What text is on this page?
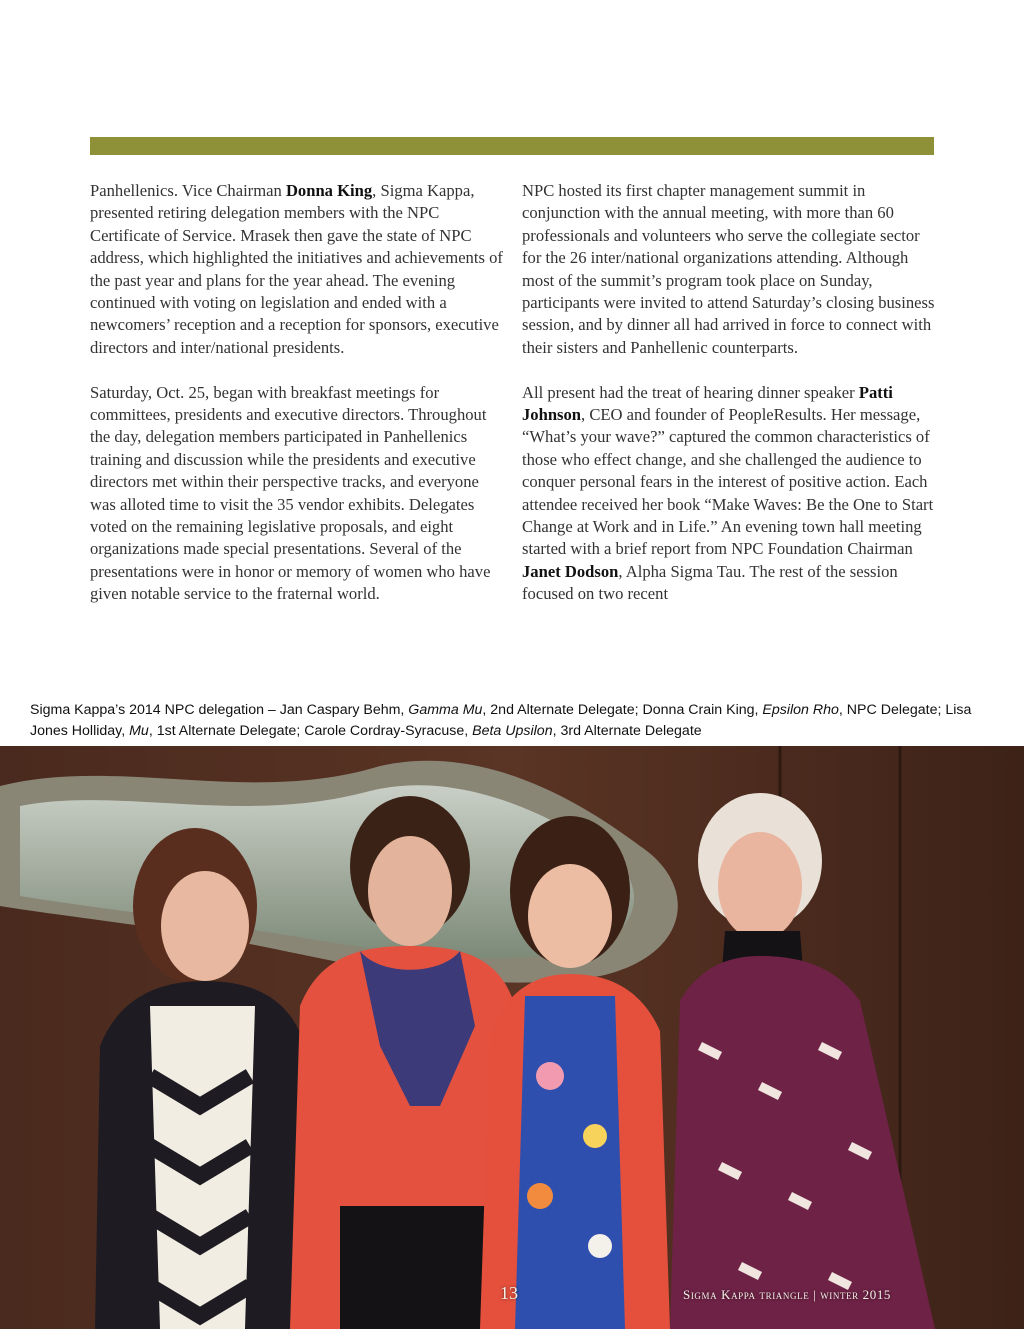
Panhellenics. Vice Chairman Donna King, Sigma Kappa, presented retiring delegation members with the NPC Certificate of Service. Mrasek then gave the state of NPC address, which highlighted the initiatives and achievements of the past year and plans for the year ahead. The evening continued with voting on legislation and ended with a newcomers’ reception and a reception for sponsors, executive directors and inter/national presidents.

Saturday, Oct. 25, began with breakfast meetings for committees, presidents and executive directors. Throughout the day, delegation members participated in Panhellenics training and discussion while the presidents and executive directors met within their perspective tracks, and everyone was alloted time to visit the 35 vendor exhibits. Delegates voted on the remaining legislative proposals, and eight organizations made special presentations. Several of the presentations were in honor or memory of women who have given notable service to the fraternal world.

NPC hosted its first chapter management summit in conjunction with the annual meeting, with more than 60 professionals and volunteers who serve the collegiate sector for the 26 inter/national organizations attending. Although most of the summit’s program took place on Sunday, participants were invited to attend Saturday’s closing business session, and by dinner all had arrived in force to connect with their sisters and Panhellenic counterparts.

All present had the treat of hearing dinner speaker Patti Johnson, CEO and founder of PeopleResults. Her message, “What’s your wave?” captured the common characteristics of those who effect change, and she challenged the audience to conquer personal fears in the interest of positive action. Each attendee received her book “Make Waves: Be the One to Start Change at Work and in Life.” An evening town hall meeting started with a brief report from NPC Foundation Chairman Janet Dodson, Alpha Sigma Tau. The rest of the session focused on two recent

Sigma Kappa’s 2014 NPC delegation – Jan Caspary Behm, Gamma Mu, 2nd Alternate Delegate; Donna Crain King, Epsilon Rho, NPC Delegate; Lisa Jones Holliday, Mu, 1st Alternate Delegate; Carole Cordray-Syracuse, Beta Upsilon, 3rd Alternate Delegate
13	Sigma Kappa triangle | winter 2015
